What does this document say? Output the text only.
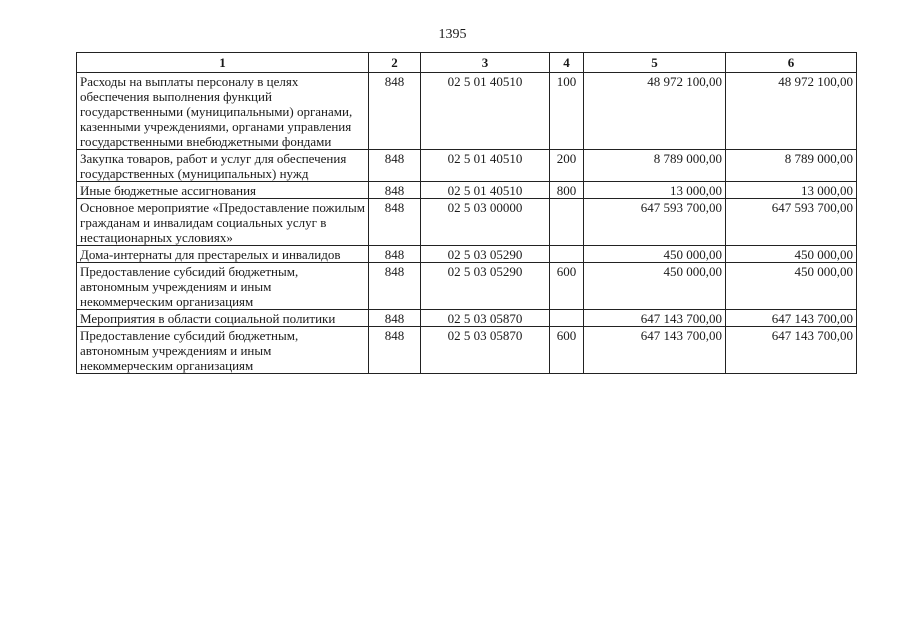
1395
1	2	3	4	5	6
Расходы на выплаты персоналу в целях обеспечения выполнения функций государственными (муниципальными) органами, казенными учреждениями, органами управления государственными внебюджетными фондами	848	02 5 01 40510	100	48 972 100,00	48 972 100,00
Закупка товаров, работ и услуг для обеспечения государственных (муниципальных) нужд	848	02 5 01 40510	200	8 789 000,00	8 789 000,00
Иные бюджетные ассигнования	848	02 5 01 40510	800	13 000,00	13 000,00
Основное мероприятие «Предоставление пожилым гражданам и инвалидам социальных услуг в нестационарных условиях»	848	02 5 03 00000		647 593 700,00	647 593 700,00
Дома-интернаты для престарелых и инвалидов	848	02 5 03 05290		450 000,00	450 000,00
Предоставление субсидий бюджетным, автономным учреждениям и иным некоммерческим организациям	848	02 5 03 05290	600	450 000,00	450 000,00
Мероприятия в области социальной политики	848	02 5 03 05870		647 143 700,00	647 143 700,00
Предоставление субсидий бюджетным, автономным учреждениям и иным некоммерческим организациям	848	02 5 03 05870	600	647 143 700,00	647 143 700,00
